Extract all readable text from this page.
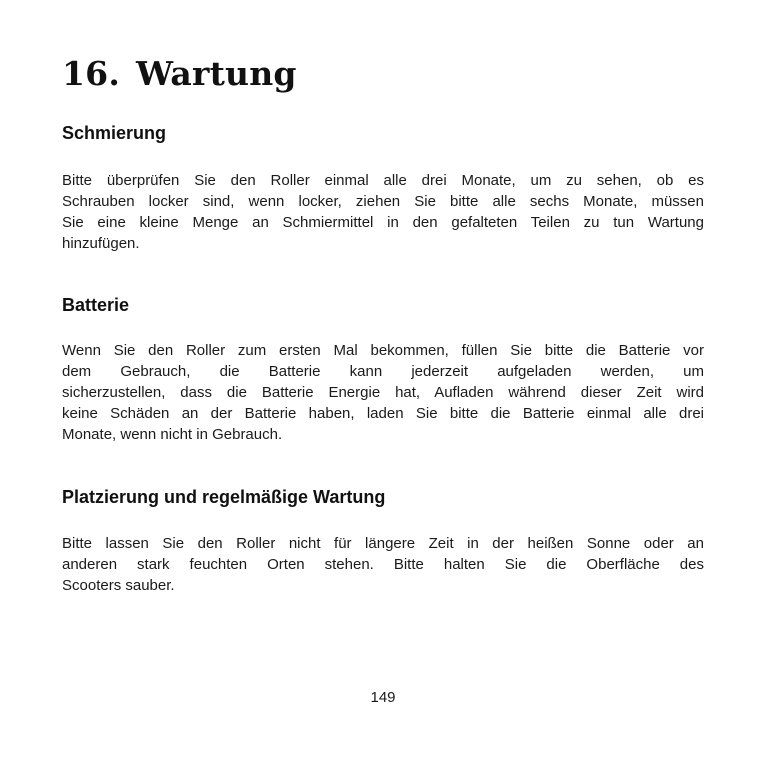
16. Wartung
Schmierung

Bitte überprüfen Sie den Roller einmal alle drei Monate, um zu sehen, ob es
Schrauben locker sind, wenn locker, ziehen Sie bitte alle sechs Monate, müssen
Sie eine kleine Menge an Schmiermittel in den gefalteten Teilen zu tun Wartung
hinzufügen.

Batterie

Wenn Sie den Roller zum ersten Mal bekommen, füllen Sie bitte die Batterie vor
dem Gebrauch, die Batterie kann jederzeit aufgeladen werden, um
sicherzustellen, dass die Batterie Energie hat, Aufladen während dieser Zeit wird
keine Schäden an der Batterie haben, laden Sie bitte die Batterie einmal alle drei
Monate, wenn nicht in Gebrauch.

Platzierung und regelmäßige Wartung

Bitte lassen Sie den Roller nicht für längere Zeit in der heißen Sonne oder an
anderen stark feuchten Orten stehen. Bitte halten Sie die Oberfläche des
Scooters sauber.

149
